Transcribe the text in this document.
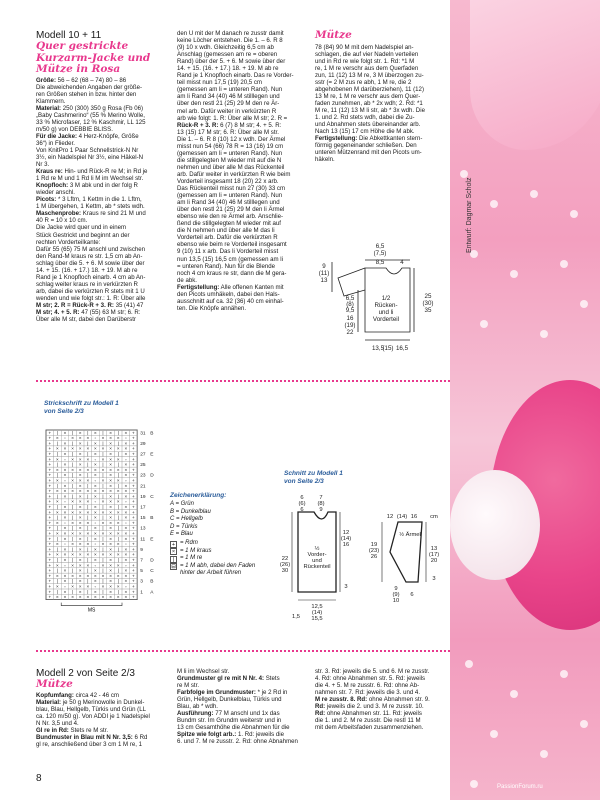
Entwurf: Dagmar Scholz
Modell 10 + 11
Quer gestrickte
Kurzarm-Jacke und
Mütze in Rosa

Größe: 56 – 62 (68 – 74) 80 – 86

Die abweichenden Angaben der größe-

ren Größen stehen in bzw. hinter den

Klammern.

Material: 250 (300) 350 g Rosa (Fb 06)

„Baby Cashmerino“ (55 % Merino Wolle,

33 % Microfaser, 12 % Kaschmir, LL 125

m/50 g) von DEBBIE BLISS.

Für die Jacke: 4 Herz-Knöpfe, Größe

36“) in Flieder.

Von KnitPro 1 Paar Schnellstrick-N Nr

3½, ein Nadelspiel Nr 3½, eine Häkel-N

Nr 3.

Kraus re: Hin- und Rück-R re M; in Rd je

1 Rd re M und 1 Rd li M im Wechsel str.

Knopfloch: 3 M abk und in der folg R

wieder anschl.

Picots: * 3 Lftm, 1 Kettm in die 1. Lftm,

1 M übergehen, 1 Kettm, ab * stets wdh.

Maschenprobe: Kraus re sind 21 M und

40 R = 10 x 10 cm.

Die Jacke wird quer und in einem

Stück Gestrickt und beginnt an der

rechten Vorderteilkante:

Dafür 55 (65) 75 M anschl und zwischen

den Rand-M kraus re str. 1,5 cm ab An-

schlag über die 5. + 6. M sowie über der

14. + 15. (16. + 17.) 18. + 19. M ab re

Rand je 1 Knopfloch einarb. 4 cm ab An-

schlag weiter kraus re in verkürzten R

arb, dabei die verkürzten R stets mit 1 U

wenden und wie folgt str.: 1. R: Über alle

M str; 2. R = Rück-R + 3. R: 35 (41) 47

M str; 4. + 5. R: 47 (55) 63 M str; 6. R:

Über alle M str, dabei den Darüberstr

den U mit der M danach re zusstr damit

keine Löcher entstehen. Die 1. – 6. R 8

(9) 10 x wdh. Gleichzeitig 6,5 cm ab

Anschlag (gemessen am re = oberen

Rand) über der 5. + 6. M sowie über der

14. + 15. (16. + 17.) 18. + 19. M ab re

Rand je 1 Knopfloch einarb. Das re Vorder-

teil misst nun 17,5 (19) 20,5 cm

(gemessen am li = unteren Rand). Nun

am li Rand 34 (40) 46 M stilllegen und

über den restl 21 (25) 29 M den re Är-

mel arb. Dafür weiter in verkürzten R

arb wie folgt: 1. R: Über alle M str; 2. R =

Rück-R + 3. R: 6 (7) 8 M str; 4. + 5. R:

13 (15) 17 M str; 6. R: Über alle M str.

Die 1. – 6. R 8 (10) 12 x wdh. Der Ärmel

misst nun 54 (66) 78 R = 13 (16) 19 cm

(gemessen am li = unteren Rand). Nun

die stillgelegten M wieder mit auf die N

nehmen und über alle M das Rückenteil

arb. Dafür weiter in verkürzten R wie beim

Vorderteil insgesamt 18 (20) 22 x arb.

Das Rückenteil misst nun 27 (30) 33 cm

(gemessen am li = unteren Rand). Nun

am li Rand 34 (40) 46 M stilllegen und

über den restl 21 (25) 29 M den li Ärmel

ebenso wie den re Ärmel arb. Anschlie-

ßend die stillgelegten M wieder mit auf

die N nehmen und über alle M das li

Vorderteil arb. Dafür die verkürzten R

ebenso wie beim re Vorderteil insgesamt

9 (10) 11 x arb. Das li Vorderteil misst

nun 13,5 (15) 16,5 cm (gemessen am li

= unteren Rand). Nun für die Blende

noch 4 cm kraus re str, dann die M gera-

de abk.

Fertigstellung: Alle offenen Kanten mit

den Picots umhäkeln, dabei den Hals-

ausschnitt auf ca. 32 (36) 40 cm einhal-

ten. Die Knöpfe annähen.

Mütze

78 (84) 90 M mit dem Nadelspiel an-

schlagen, die auf vier Nadeln verteilen

und in Rd re wie folgt str. 1. Rd: *1 M

re, 1 M re verschr aus dem Querfaden

zun, 11 (12) 13 M re, 3 M überzogen zu-

sstr (= 2 M zus re abh, 1 M re, die 2

abgehobenen M darüberziehen), 11 (12)

13 M re, 1 M re verschr aus dem Quer-

faden zunehmen, ab * 2x wdh; 2. Rd: *1

M re, 11 (12) 13 M li str, ab * 3x wdh. Die

1. und 2. Rd stets wdh, dabei die Zu-

und Abnahmen stets übereinander arb.

Nach 13 (15) 17 cm Höhe die M abk.

Fertigstellung: Die Abkettkanten stern-

förmig gegeneinander schließen. Den

unteren Mützenrand mit den Picots um-

häkeln.

6,5
(7,5)
8,5	4
9
(11)
13
6,5
(8)
9,5
16
(19)
22
1/2
Rücken-
und li
Vorderteil
25
(30)
35
13,5
(15) 16,5
Strickschrift zu Modell 1
von Seite 2/3
+ | × | × | × | × | × +
+ × ▫ × × × ▫ × × × ▫ +
+ | × | × | × | × | × +
+ × × × × × × × × × × +
+ | × | × | × | × | × +
+ × ▫ × × × ▫ × × × ▫ +
+ | × | × | × | × | × +
+ × × × × × × × × × × +
+ | × | × | × | × | × +
+ × ▫ × × × ▫ × × × ▫ +
+ | × | × | × | × | × +
+ × × × × × × × × × × +
+ | × | × | × | × | × +
+ × ▫ × × × ▫ × × × ▫ +
+ | × | × | × | × | × +
+ × × × × × × × × × × +
+ | × | × | × | × | × +
+ × ▫ × × × ▫ × × × ▫ +
+ | × | × | × | × | × +
+ × × × × × × × × × × +
+ | × | × | × | × | × +
+ × ▫ × × × ▫ × × × ▫ +
+ | × | × | × | × | × +
+ × × × × × × × × × × +
+ | × | × | × | × | × +
+ × ▫ × × × ▫ × × × ▫ +
+ | × | × | × | × | × +
+ × × × × × × × × × × +
+ | × | × | × | × | × +
+ × ▫ × × × ▫ × × × ▫ +
+ | × | × | × | × | × +
+ × × × × × × × × × × +
31 B
29
27 E
25
23 D
21
19 C
17
15 B
13
11 E
9
7 D
5 C
3 B
1 A
MS
Zeichenerklärung:
A = Grün
B = Dunkelblau
C = Hellgelb
D = Türkis
E = Blau
+ = Rdm
× = 1 M kraus
| = 1 M re
⊟ = 1 M abh, dabei den Faden hinter der Arbeit führen
Schnitt zu Modell 1
von Seite 2/3
6
(6)
6
7
(8)
9
12
(14)
16
22
(26)
30
½
Vorder-
und
Rückenteil
3
1,5
12,5
(14)
15,5
12 (14) 16 cm
½ Ärmel
19
(23)
26
13
(17)
20
3
9
(9)
10
6
Modell 2 von Seite 2/3
Mütze

Kopfumfang: circa 42 - 46 cm

Material: je 50 g Merinowolle in Dunkel-

blau, Blau, Hellgelb, Türkis und Grün (LL

ca. 120 m/50 g). Von ADDI je 1 Nadelspiel

N Nr. 3,5 und 4.

Gl re in Rd: Stets re M str.

Bundmuster in Blau mit N Nr. 3,5: 6 Rd

gl re, anschließend über 3 cm 1 M re, 1

M li im Wechsel str.

Grundmuster gl re mit N Nr. 4: Stets

re M str.

Farbfolge im Grundmuster: * je 2 Rd in

Grün, Hellgelb, Dunkelblau, Türkis und

Blau, ab * wdh.

Ausführung: 77 M anschl und 1x das

Bundm str. Im Grundm weiterstr und in

13 cm Gesamthöhe die Abnahmen für die

Spitze wie folgt arb.: 1. Rd: jeweils die

6. und 7. M re zusstr. 2. Rd: ohne Abnahmen

str. 3. Rd: jeweils die 5. und 6. M re zusstr.

4. Rd: ohne Abnahmen str. 5. Rd: jeweils

die 4. + 5. M re zusstr. 6. Rd: ohne Ab-

nahmen str. 7. Rd: jeweils die 3. und 4.

M re zusstr. 8. Rd: ohne Abnahmen str. 9.

Rd: jeweils die 2. und 3. M re zusstr. 10.

Rd: ohne Abnahmen str. 11. Rd: jeweils

die 1. und 2. M re zusstr. Die restl 11 M

mit dem Arbeitsfaden zusammenziehen.

8
PassionForum.ru
